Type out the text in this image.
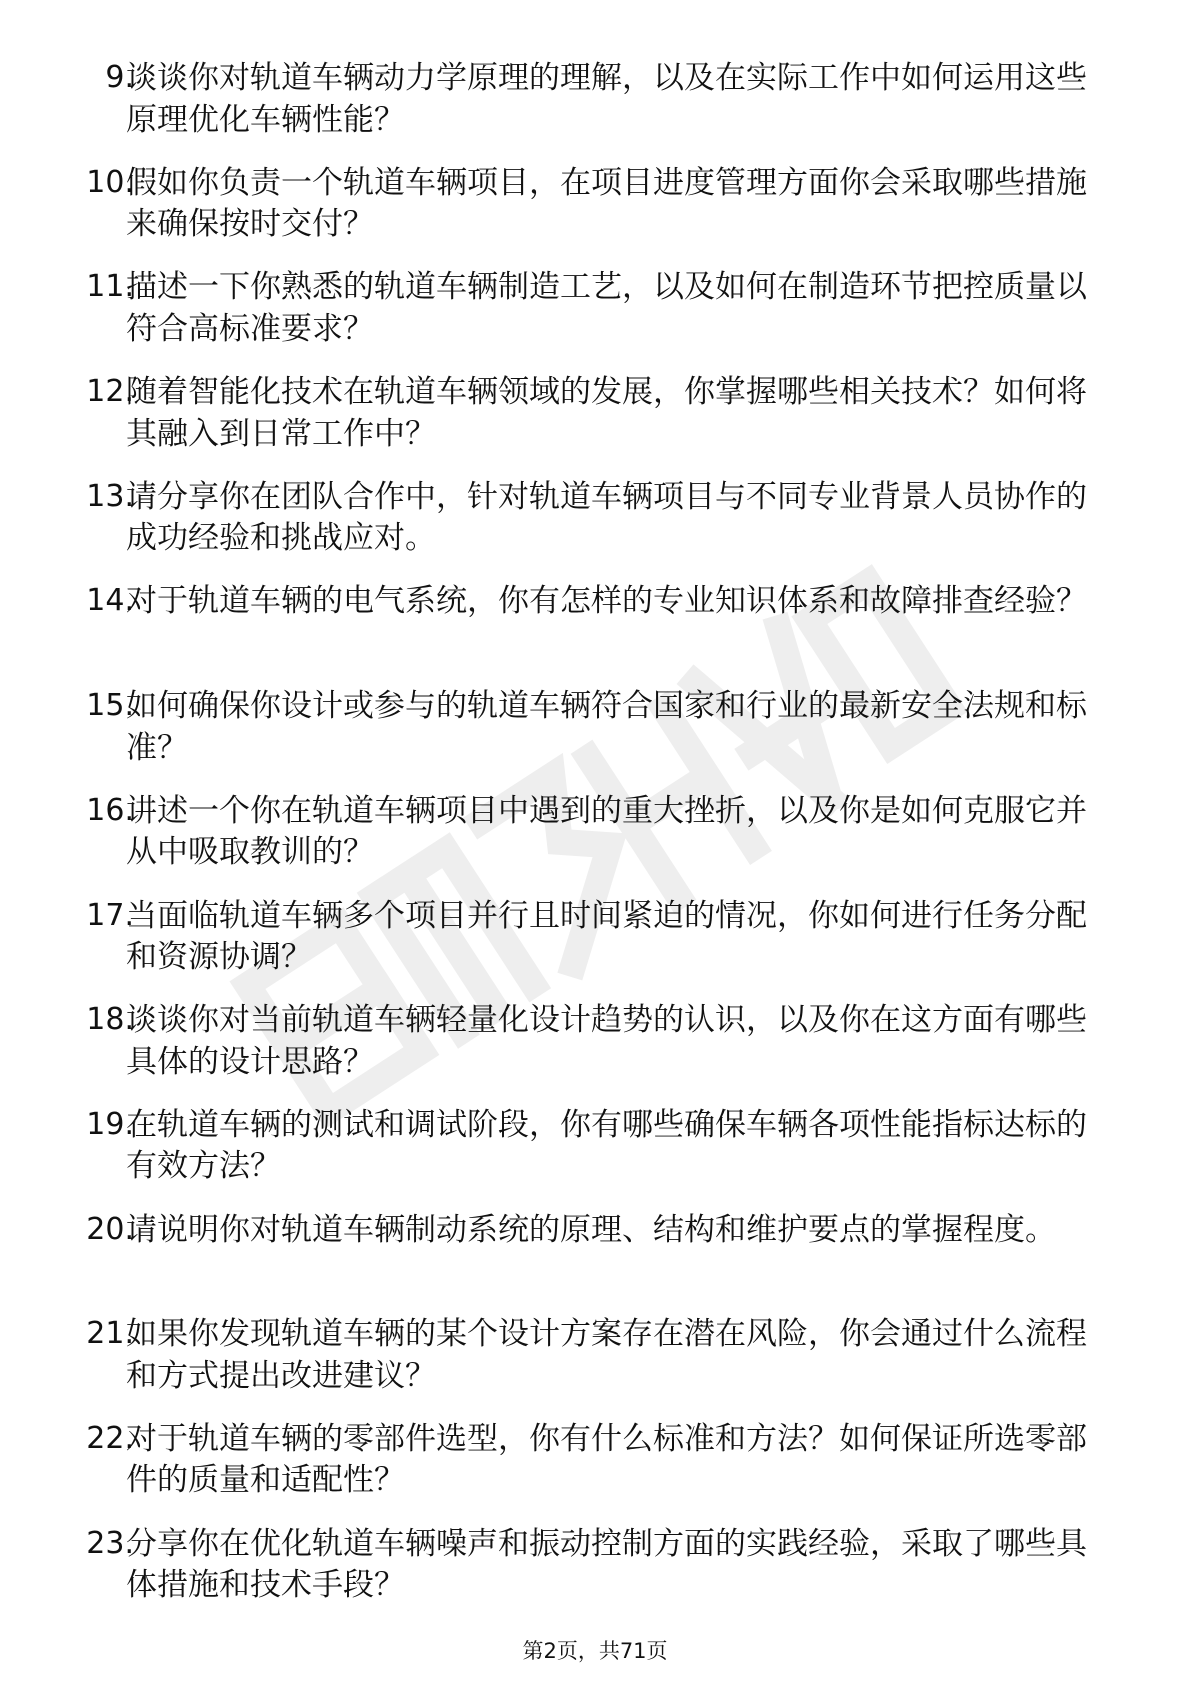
9.

谈谈你对轨道车辆动力学原理的理解，以及在实际工作中如何运用这些原理优化车辆性能？

10.

假如你负责一个轨道车辆项目，在项目进度管理方面你会采取哪些措施来确保按时交付？

11.

描述一下你熟悉的轨道车辆制造工艺，以及如何在制造环节把控质量以符合高标准要求？

12.

随着智能化技术在轨道车辆领域的发展，你掌握哪些相关技术？如何将其融入到日常工作中？

13.

请分享你在团队合作中，针对轨道车辆项目与不同专业背景人员协作的成功经验和挑战应对。

14.

对于轨道车辆的电气系统，你有怎样的专业知识体系和故障排查经验？

15.

如何确保你设计或参与的轨道车辆符合国家和行业的最新安全法规和标准？

16.

讲述一个你在轨道车辆项目中遇到的重大挫折，以及你是如何克服它并从中吸取教训的？

17.

当面临轨道车辆多个项目并行且时间紧迫的情况，你如何进行任务分配和资源协调？

18.

谈谈你对当前轨道车辆轻量化设计趋势的认识，以及你在这方面有哪些具体的设计思路？

19.

在轨道车辆的测试和调试阶段，你有哪些确保车辆各项性能指标达标的有效方法？

20.

请说明你对轨道车辆制动系统的原理、结构和维护要点的掌握程度。

21.

如果你发现轨道车辆的某个设计方案存在潜在风险，你会通过什么流程和方式提出改进建议？

22.

对于轨道车辆的零部件选型，你有什么标准和方法？如何保证所选零部件的质量和适配性？

23.

分享你在优化轨道车辆噪声和振动控制方面的实践经验，采取了哪些具体措施和技术手段？

第2页，共71页
